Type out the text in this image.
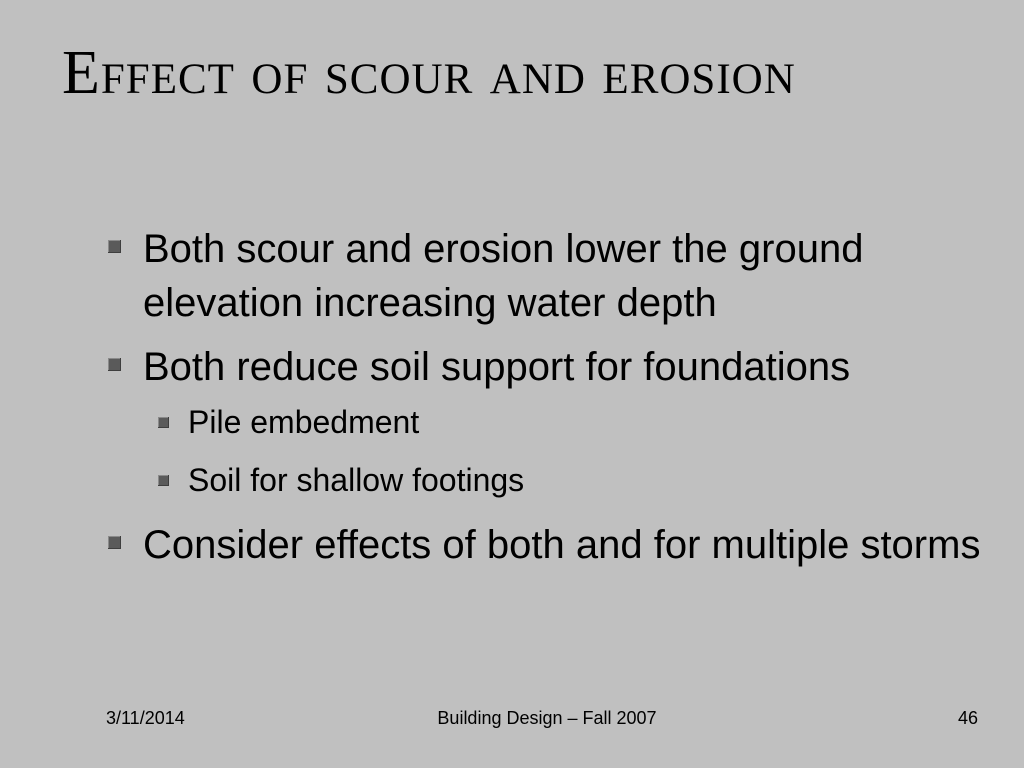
Effect of scour and erosion
Both scour and erosion lower the ground elevation increasing water depth
Both reduce soil support for foundations
Pile embedment
Soil for shallow footings
Consider effects of both and for multiple storms
3/11/2014	Building Design – Fall 2007	46
